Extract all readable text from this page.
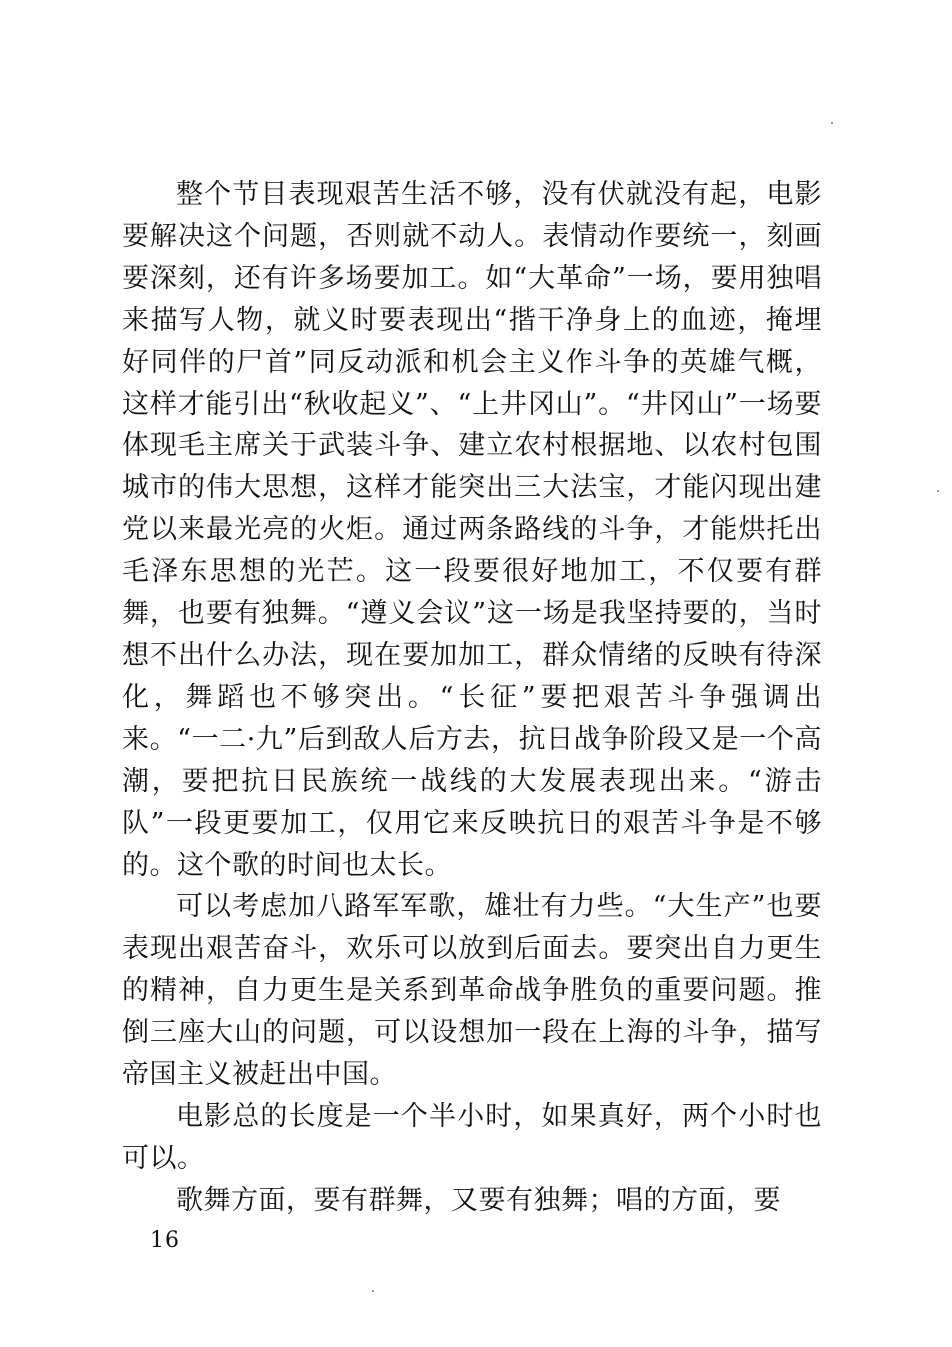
整个节目表现艰苦生活不够，没有伏就没有起，电影要解决这个问题，否则就不动人。表情动作要统一，刻画要深刻，还有许多场要加工。如“大革命”一场，要用独唱来描写人物，就义时要表现出“揩干净身上的血迹，掩埋好同伴的尸首”同反动派和机会主义作斗争的英雄气概，这样才能引出“秋收起义”、“上井冈山”。“井冈山”一场要体现毛主席关于武装斗争、建立农村根据地、以农村包围城市的伟大思想，这样才能突出三大法宝，才能闪现出建党以来最光亮的火炬。通过两条路线的斗争，才能烘托出毛泽东思想的光芒。这一段要很好地加工，不仅要有群舞，也要有独舞。“遵义会议”这一场是我坚持要的，当时想不出什么办法，现在要加加工，群众情绪的反映有待深化，舞蹈也不够突出。“长征”要把艰苦斗争强调出来。“一二·九”后到敌人后方去，抗日战争阶段又是一个高潮，要把抗日民族统一战线的大发展表现出来。“游击队”一段更要加工，仅用它来反映抗日的艰苦斗争是不够的。这个歌的时间也太长。

可以考虑加八路军军歌，雄壮有力些。“大生产”也要表现出艰苦奋斗，欢乐可以放到后面去。要突出自力更生的精神，自力更生是关系到革命战争胜负的重要问题。推倒三座大山的问题，可以设想加一段在上海的斗争，描写帝国主义被赶出中国。

电影总的长度是一个半小时，如果真好，两个小时也可以。

歌舞方面，要有群舞，又要有独舞；唱的方面，要

16
